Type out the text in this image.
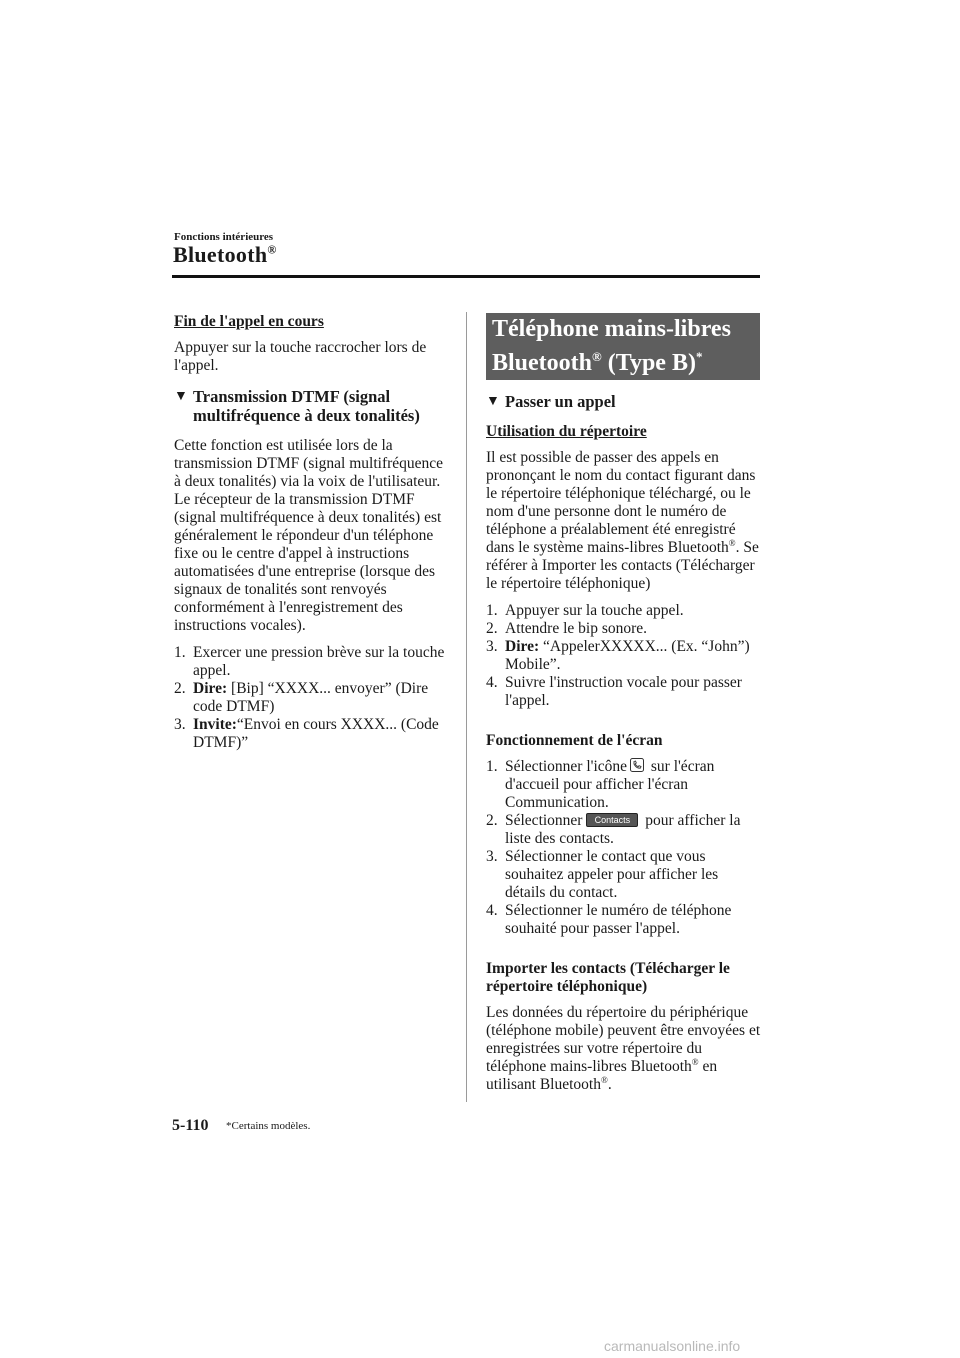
Fonctions intérieures
Bluetooth®
Fin de l'appel en cours

Appuyer sur la touche raccrocher lors de l'appel.

▼ Transmission DTMF (signal
multifréquence à deux tonalités)

Cette fonction est utilisée lors de la transmission DTMF (signal multifréquence à deux tonalités) via la voix de l'utilisateur. Le récepteur de la transmission DTMF (signal multifréquence à deux tonalités) est généralement le répondeur d'un téléphone fixe ou le centre d'appel à instructions automatisées d'une entreprise (lorsque des signaux de tonalités sont renvoyés conformément à l'enregistrement des instructions vocales).

1. Exercer une pression brève sur la touche appel.
2. Dire: [Bip] “XXXX... envoyer” (Dire code DTMF)
3. Invite:“Envoi en cours XXXX... (Code DTMF)”
Téléphone mains-libres
Bluetooth® (Type B)*
▼ Passer un appel
Utilisation du répertoire

Il est possible de passer des appels en prononçant le nom du contact figurant dans le répertoire téléphonique téléchargé, ou le nom d'une personne dont le numéro de téléphone a préalablement été enregistré dans le système mains-libres Bluetooth®. Se référer à Importer les contacts (Télécharger le répertoire téléphonique)

1. Appuyer sur la touche appel.
2. Attendre le bip sonore.
3. Dire: “AppelerXXXXX... (Ex. “John”) Mobile”.
4. Suivre l'instruction vocale pour passer l'appel.
Fonctionnement de l'écran
1. Sélectionner l'icône sur l'écran d'accueil pour afficher l'écran Communication.
2. Sélectionner Contacts pour afficher la liste des contacts.
3. Sélectionner le contact que vous souhaitez appeler pour afficher les détails du contact.
4. Sélectionner le numéro de téléphone souhaité pour passer l'appel.
Importer les contacts (Télécharger le répertoire téléphonique)

Les données du répertoire du périphérique (téléphone mobile) peuvent être envoyées et enregistrées sur votre répertoire du téléphone mains-libres Bluetooth® en utilisant Bluetooth®.

5-110 *Certains modèles.
carmanualsonline.info
